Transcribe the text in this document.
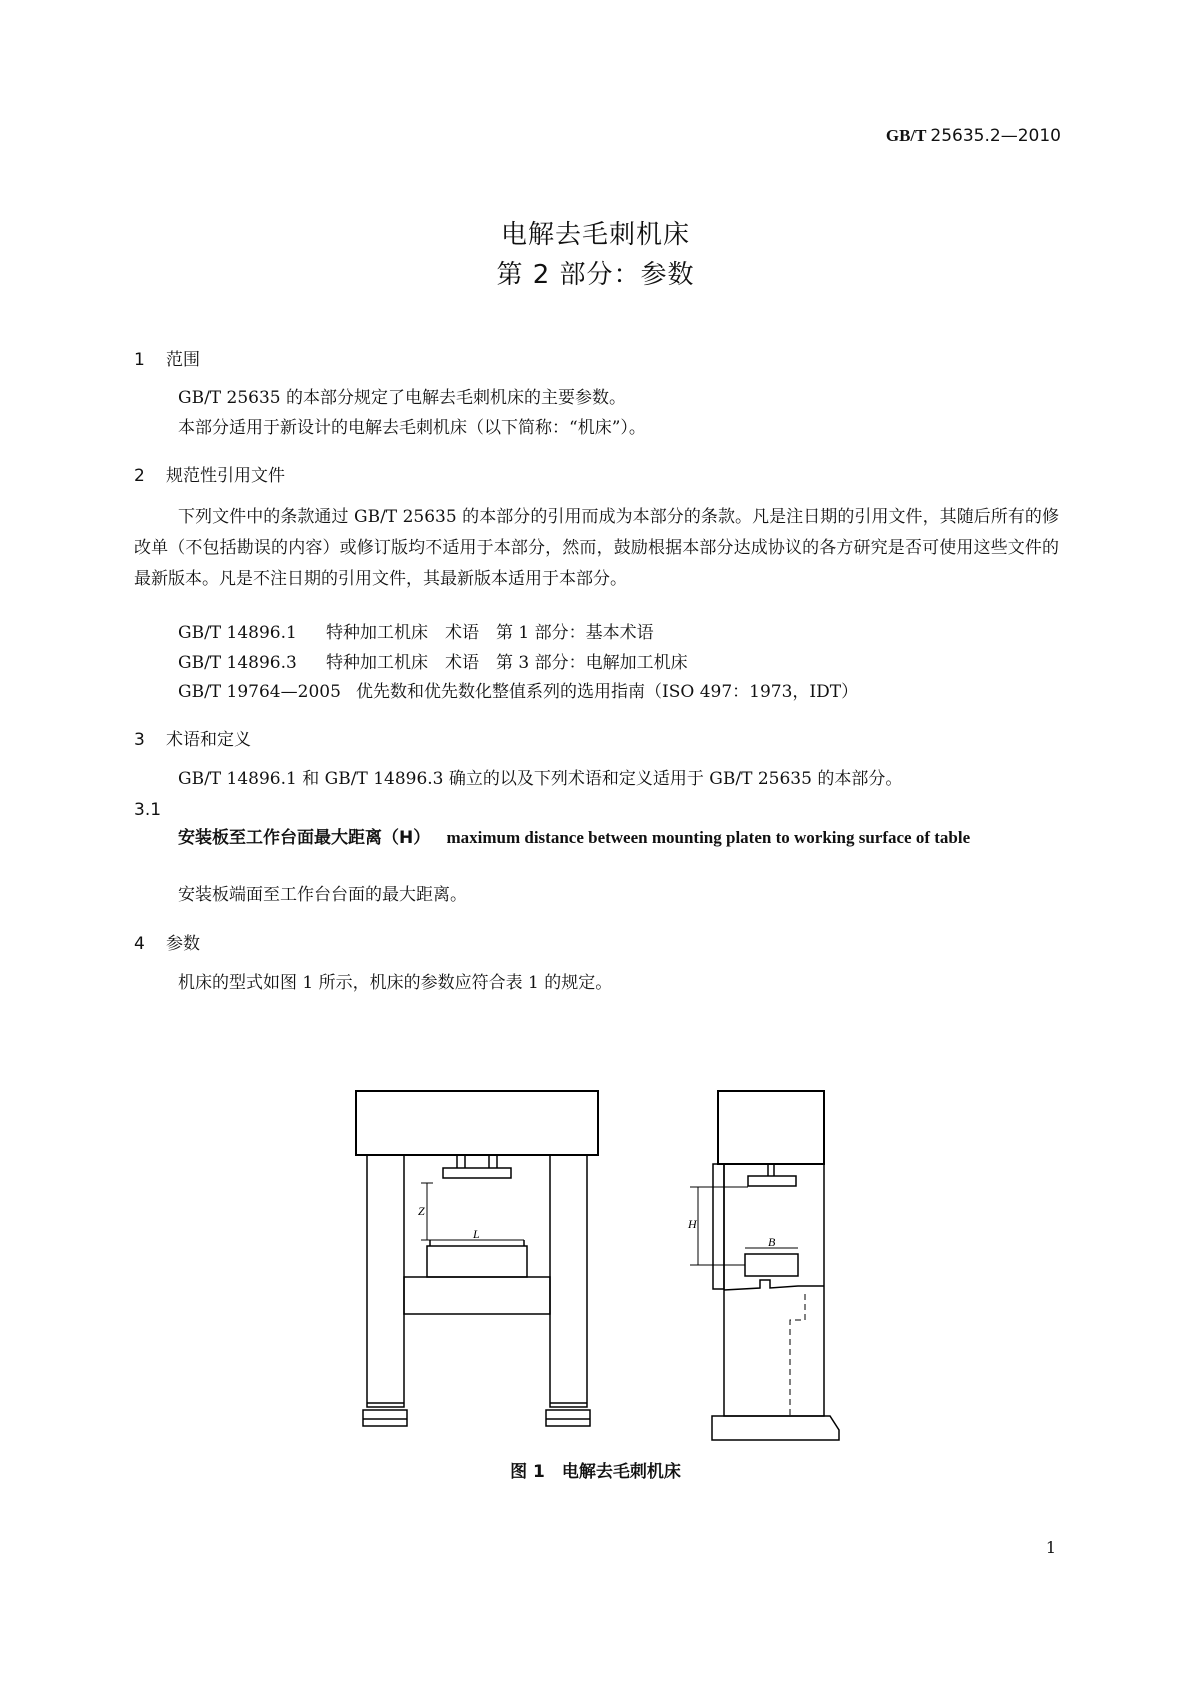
GB/T 25635.2—2010
电解去毛刺机床
第 2 部分：参数
1 范围
GB/T 25635 的本部分规定了电解去毛刺机床的主要参数。
本部分适用于新设计的电解去毛刺机床（以下简称：“机床”）。
2 规范性引用文件
下列文件中的条款通过 GB/T 25635 的本部分的引用而成为本部分的条款。凡是注日期的引用文件，其随后所有的修改单（不包括勘误的内容）或修订版均不适用于本部分，然而，鼓励根据本部分达成协议的各方研究是否可使用这些文件的最新版本。凡是不注日期的引用文件，其最新版本适用于本部分。
GB/T 14896.1 特种加工机床　术语　第 1 部分：基本术语
GB/T 14896.3 特种加工机床　术语　第 3 部分：电解加工机床
GB/T 19764—2005 优先数和优先数化整值系列的选用指南（ISO 497：1973，IDT）
3 术语和定义
GB/T 14896.1 和 GB/T 14896.3 确立的以及下列术语和定义适用于 GB/T 25635 的本部分。
3.1
安装板至工作台面最大距离（H） maximum distance between mounting platen to working surface of table
安装板端面至工作台台面的最大距离。
4 参数
机床的型式如图 1 所示，机床的参数应符合表 1 的规定。
Z
L
H
B
图 1　电解去毛刺机床
1
